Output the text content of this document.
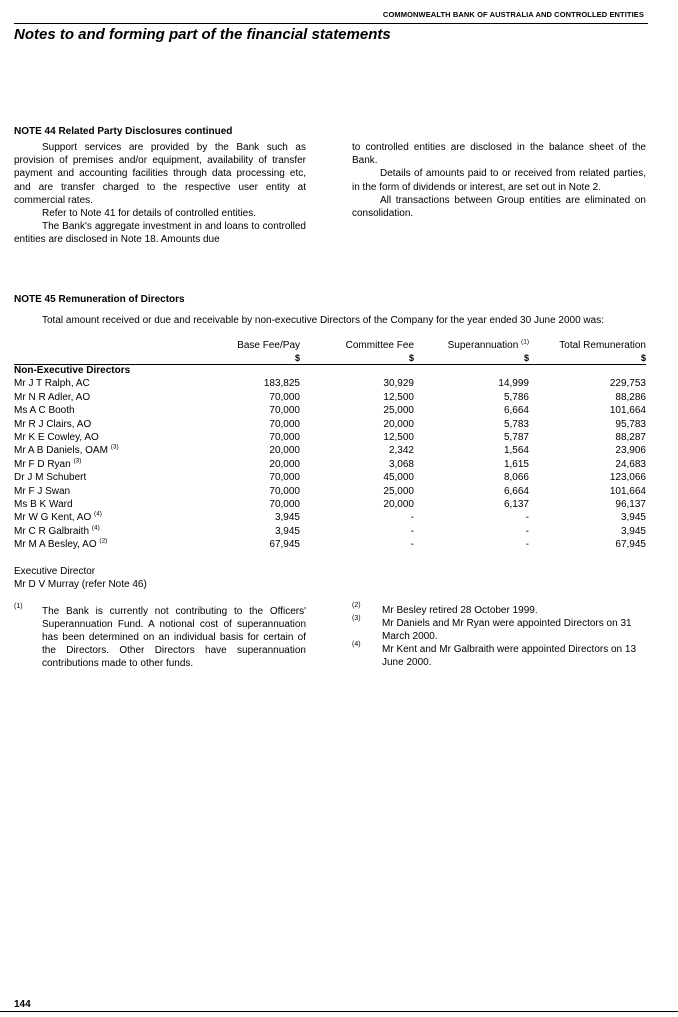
COMMONWEALTH BANK OF AUSTRALIA AND CONTROLLED ENTITIES
Notes to and forming part of the financial statements
NOTE 44 Related Party Disclosures continued

Support services are provided by the Bank such as provision of premises and/or equipment, availability of transfer payment and accounting facilities through data processing etc, and are transfer charged to the respective user entity at commercial rates.

Refer to Note 41 for details of controlled entities.

The Bank's aggregate investment in and loans to controlled entities are disclosed in Note 18. Amounts due

to controlled entities are disclosed in the balance sheet of the Bank.

Details of amounts paid to or received from related parties, in the form of dividends or interest, are set out in Note 2.

All transactions between Group entities are eliminated on consolidation.

NOTE 45 Remuneration of Directors

Total amount received or due and receivable by non-executive Directors of the Company for the year ended 30 June 2000 was:

	Base Fee/Pay	Committee Fee	Superannuation $^{(1)}$	Total Remuneration
	$	$	$	$
Non-Executive Directors				
Mr J T Ralph, AC	183,825	30,929	14,999	229,753
Mr N R Adler, AO	70,000	12,500	5,786	88,286
Ms A C Booth	70,000	25,000	6,664	101,664
Mr R J Clairs, AO	70,000	20,000	5,783	95,783
Mr K E Cowley, AO	70,000	12,500	5,787	88,287
Mr A B Daniels, OAM $^{(3)}$	20,000	2,342	1,564	23,906
Mr F D Ryan $^{(3)}$	20,000	3,068	1,615	24,683
Dr J M Schubert	70,000	45,000	8,066	123,066
Mr F J Swan	70,000	25,000	6,664	101,664
Ms B K Ward	70,000	20,000	6,137	96,137
Mr W G Kent, AO $^{(4)}$	3,945	-	-	3,945
Mr C R Galbraith $^{(4)}$	3,945	-	-	3,945
Mr M A Besley, AO $^{(2)}$	67,945	-	-	67,945
Executive Director
Mr D V Murray (refer Note 46)
(1) The Bank is currently not contributing to the Officers' Superannuation Fund. A notional cost of superannuation has been determined on an individual basis for certain of the Directors. Other Directors have superannuation contributions made to other funds.
(2) Mr Besley retired 28 October 1999.
(3) Mr Daniels and Mr Ryan were appointed Directors on 31 March 2000.
(4) Mr Kent and Mr Galbraith were appointed Directors on 13 June 2000.
144
